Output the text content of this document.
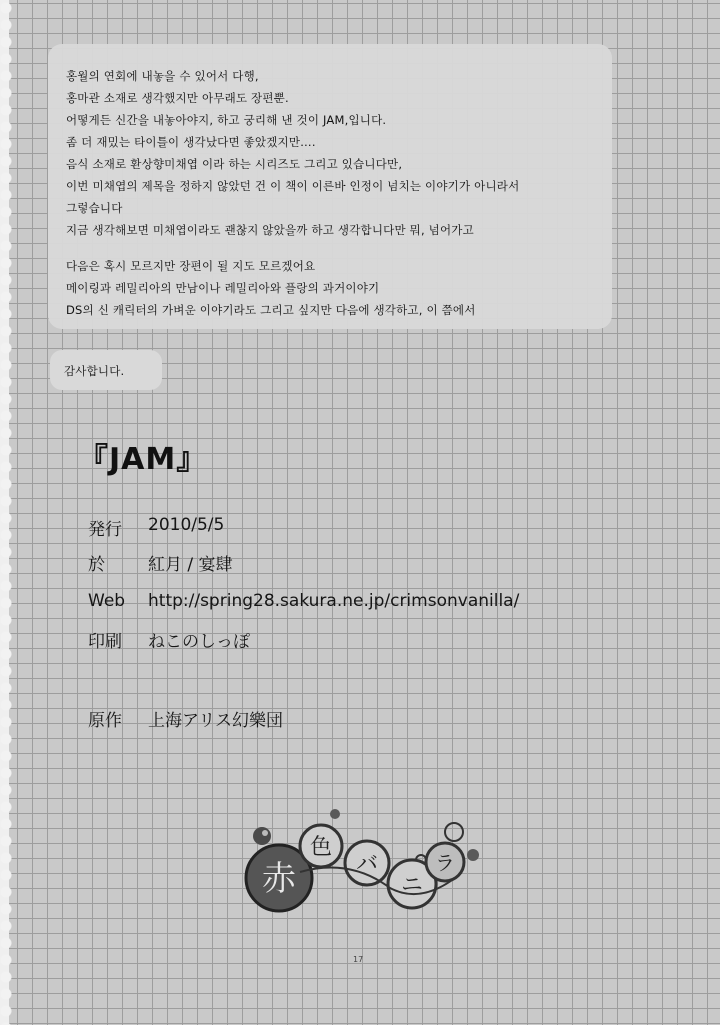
홍월의 연회에 내놓을 수 있어서 다행,
홍마관 소재로 생각했지만 아무래도 장편뿐.
어떻게든 신간을 내놓아야지, 하고 궁리해 낸 것이 JAM,입니다.
좀 더 재밌는 타이틀이 생각났다면 좋았겠지만….
음식 소재로 환상향미채엽 이라 하는 시리즈도 그리고 있습니다만,
이번 미채엽의 제목을 정하지 않았던 건 이 책이 이른바 인정이 넘치는 이야기가 아니라서
그렇습니다
지금 생각해보면 미채엽이라도 괜찮지 않았을까 하고 생각합니다만 뭐, 넘어가고
다음은 혹시 모르지만 장편이 될 지도 모르겠어요
메이링과 레밀리아의 만남이나 레밀리아와 플랑의 과거이야기
DS의 신 캐릭터의 가벼운 이야기라도 그리고 싶지만 다음에 생각하고, 이 쯤에서
감사합니다.
『JAM』
発行 2010/5/5
於	紅月 / 宴肆
Web http://spring28.sakura.ne.jp/crimsonvanilla/
印刷 ねこのしっぽ
原作 上海アリス幻樂団
赤
色
バ
ニ
ラ
17
